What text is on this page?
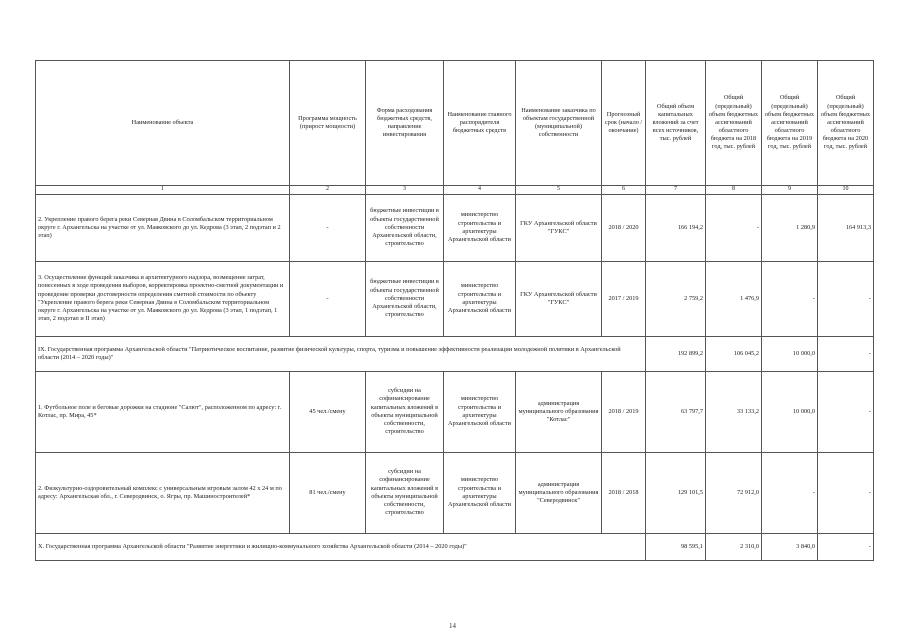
Наименование объекта	Программа мощность (прирост мощности)	Форма расходования бюджетных средств, направление инвестирования	Наименование главного распорядителя бюджетных средств	Наименование заказчика по объектам государственной (муниципальной) собственности	Прогнозный срок (начало / окончание)	Общий объем капитальных вложений за счет всех источников, тыс. рублей	Общий (предельный) объем бюджетных ассигнований областного бюджета на 2018 год, тыс. рублей	Общий (предельный) объем бюджетных ассигнований областного бюджета на 2019 год, тыс. рублей	Общий (предельный) объем бюджетных ассигнований областного бюджета на 2020 год, тыс. рублей
1	2	3	4	5	6	7	8	9	10
2. Укрепление правого берега реки Северная Двина в Соломбальском территориальном округе г. Архангельска на участке от ул. Маяковского до ул. Кедрова (3 этап, 2 подэтап и 2 этап)	-	бюджетные инвестиции в объекты государственной собственности Архангельской области, строительство	министерство строительства и архитектуры Архангельской области	ГКУ Архангельской области "ГУКС"	2018 / 2020	166 194,2	-	1 280,9	164 913,3
3. Осуществление функций заказчика и архитектурного надзора, возмещение затрат, понесенных в ходе проведения выборов, корректировка проектно-сметной документации и проведение проверки достоверности определения сметной стоимости по объекту "Укрепление правого берега реки Северная Двина в Соломбальском территориальном округе г. Архангельска на участке от ул. Маяковского до ул. Кедрова (3 этап, 1 подэтап, 1 этап, 2 подэтап и II этап)	-	бюджетные инвестиции в объекты государственной собственности Архангельской области, строительство	министерство строительства и архитектуры Архангельской области	ГКУ Архангельской области "ГУКС"	2017 / 2019	2 759,2	1 476,9	-	-
IX. Государственная программа Архангельской области "Патриотическое воспитание, развитие физической культуры, спорта, туризма и повышение эффективности реализации молодежной политики в Архангельской области (2014 – 2020 годы)"						192 899,2	106 045,2	10 000,0	-
1. Футбольное поле и беговые дорожки на стадионе "Салют", расположенном по адресу: г. Котлас, пр. Мира, 45*	45 чел./смену	субсидии на софинансирование капитальных вложений в объекты муниципальной собственности, строительство	министерство строительства и архитектуры Архангельской области	администрация муниципального образования "Котлас"	2018 / 2019	63 797,7	33 133,2	10 000,0	-
2. Физкультурно-оздоровительный комплекс с универсальным игровым залом 42 х 24 м по адресу: Архангельская обл., г. Северодвинск, о. Ягры, пр. Машиностроителей*	81 чел./смену	субсидии на софинансирование капитальных вложений в объекты муниципальной собственности, строительство	министерство строительства и архитектуры Архангельской области	администрация муниципального образования "Северодвинск"	2018 / 2018	129 101,5	72 912,0	-	-
X. Государственная программа Архангельской области "Развитие энергетики и жилищно-коммунального хозяйства Архангельской области (2014 – 2020 годы)"						98 595,1	2 310,0	3 840,0	-
14
